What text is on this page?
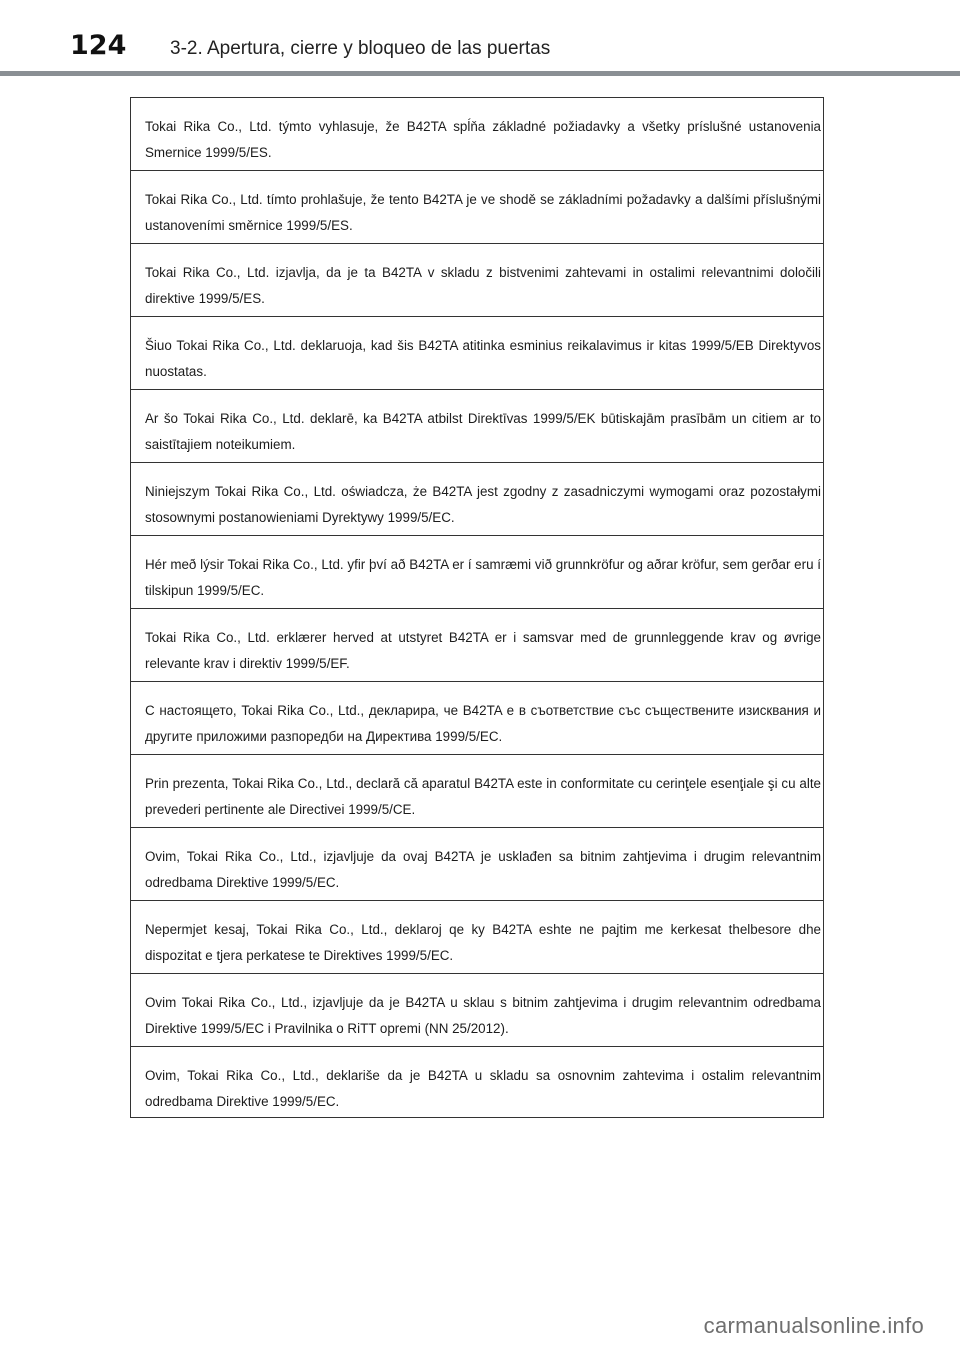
124 3-2. Apertura, cierre y bloqueo de las puertas
Tokai Rika Co., Ltd. týmto vyhlasuje, že B42TA spĺňa základné požiadavky a všetky príslušné ustanovenia Smernice 1999/5/ES.
Tokai Rika Co., Ltd. tímto prohlašuje, že tento B42TA je ve shodě se základními požadavky a dalšími příslušnými ustanoveními směrnice 1999/5/ES.
Tokai Rika Co., Ltd. izjavlja, da je ta B42TA v skladu z bistvenimi zahtevami in ostalimi relevantnimi določili direktive 1999/5/ES.
Šiuo Tokai Rika Co., Ltd. deklaruoja, kad šis B42TA atitinka esminius reikalavimus ir kitas 1999/5/EB Direktyvos nuostatas.
Ar šo Tokai Rika Co., Ltd. deklarē, ka B42TA atbilst Direktīvas 1999/5/EK būtiskajām prasībām un citiem ar to saistītajiem noteikumiem.
Niniejszym Tokai Rika Co., Ltd. oświadcza, że B42TA jest zgodny z zasadniczymi wymogami oraz pozostałymi stosownymi postanowieniami Dyrektywy 1999/5/EC.
Hér með lýsir Tokai Rika Co., Ltd. yfir því að B42TA er í samræmi við grunnkröfur og aðrar kröfur, sem gerðar eru í tilskipun 1999/5/EC.
Tokai Rika Co., Ltd. erklærer herved at utstyret B42TA er i samsvar med de grunnleggende krav og øvrige relevante krav i direktiv 1999/5/EF.
С настоящето, Tokai Rika Co., Ltd., декларира, че B42TA е в съответствие със съществените изисквания и другите приложими разпоредби на Директива 1999/5/EC.
Prin prezenta, Tokai Rika Co., Ltd., declară că aparatul B42TA este in conformitate cu cerinţele esenţiale şi cu alte prevederi pertinente ale Directivei 1999/5/CE.
Ovim, Tokai Rika Co., Ltd., izjavljuje da ovaj B42TA je usklađen sa bitnim zahtjevima i drugim relevantnim odredbama Direktive 1999/5/EC.
Nepermjet kesaj, Tokai Rika Co., Ltd., deklaroj qe ky B42TA eshte ne pajtim me kerkesat thelbesore dhe dispozitat e tjera perkatese te Direktives 1999/5/EC.
Ovim Tokai Rika Co., Ltd., izjavljuje da je B42TA u sklau s bitnim zahtjevima i drugim relevantnim odredbama Direktive 1999/5/EC i Pravilnika o RiTT opremi (NN 25/2012).
Ovim, Tokai Rika Co., Ltd., deklariše da je B42TA u skladu sa osnovnim zahtevima i ostalim relevantnim odredbama Direktive 1999/5/EC.
carmanualsonline.info
